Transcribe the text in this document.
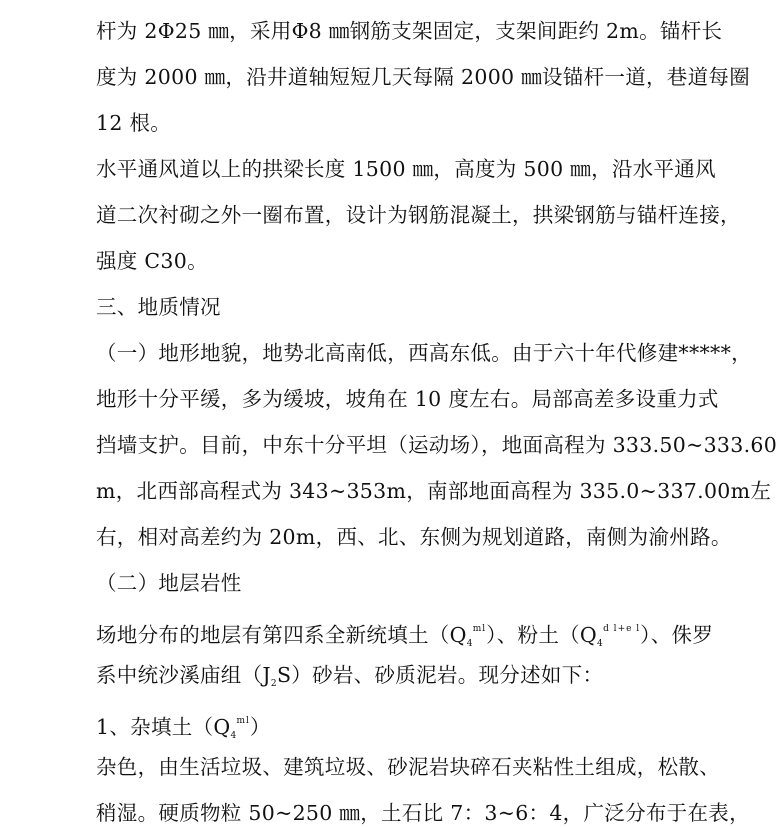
杆为 2Φ25 ㎜，采用Φ8 ㎜钢筋支架固定，支架间距约 2m。锚杆长
度为 2000 ㎜，沿井道轴短短几天每隔 2000 ㎜设锚杆一道，巷道每圈
12 根。
水平通风道以上的拱梁长度 1500 ㎜，高度为 500 ㎜，沿水平通风
道二次衬砌之外一圈布置，设计为钢筋混凝土，拱梁钢筋与锚杆连接，
强度 C30。
三、地质情况
（一）地形地貌，地势北高南低，西高东低。由于六十年代修建*****，
地形十分平缓，多为缓坡，坡角在 10 度左右。局部高差多设重力式
挡墙支护。目前，中东十分平坦（运动场），地面高程为 333.50~333.60
m，北西部高程式为 343~353m，南部地面高程为 335.0~337.00m左
右，相对高差约为 20m，西、北、东侧为规划道路，南侧为渝州路。
（二）地层岩性
场地分布的地层有第四系全新统填土$(Q_4^{ml})$、粉土$(Q_4^{d l+e l})$、侏罗
系中统沙溪庙组$(J_2S)$砂岩、砂质泥岩。现分述如下：
1、杂填土$(Q_4^{ml})$
杂色，由生活垃圾、建筑垃圾、砂泥岩块碎石夹粘性土组成，松散、
稍湿。硬质物粒 50~250 ㎜，土石比 7：3~6：4，广泛分布于在表，
